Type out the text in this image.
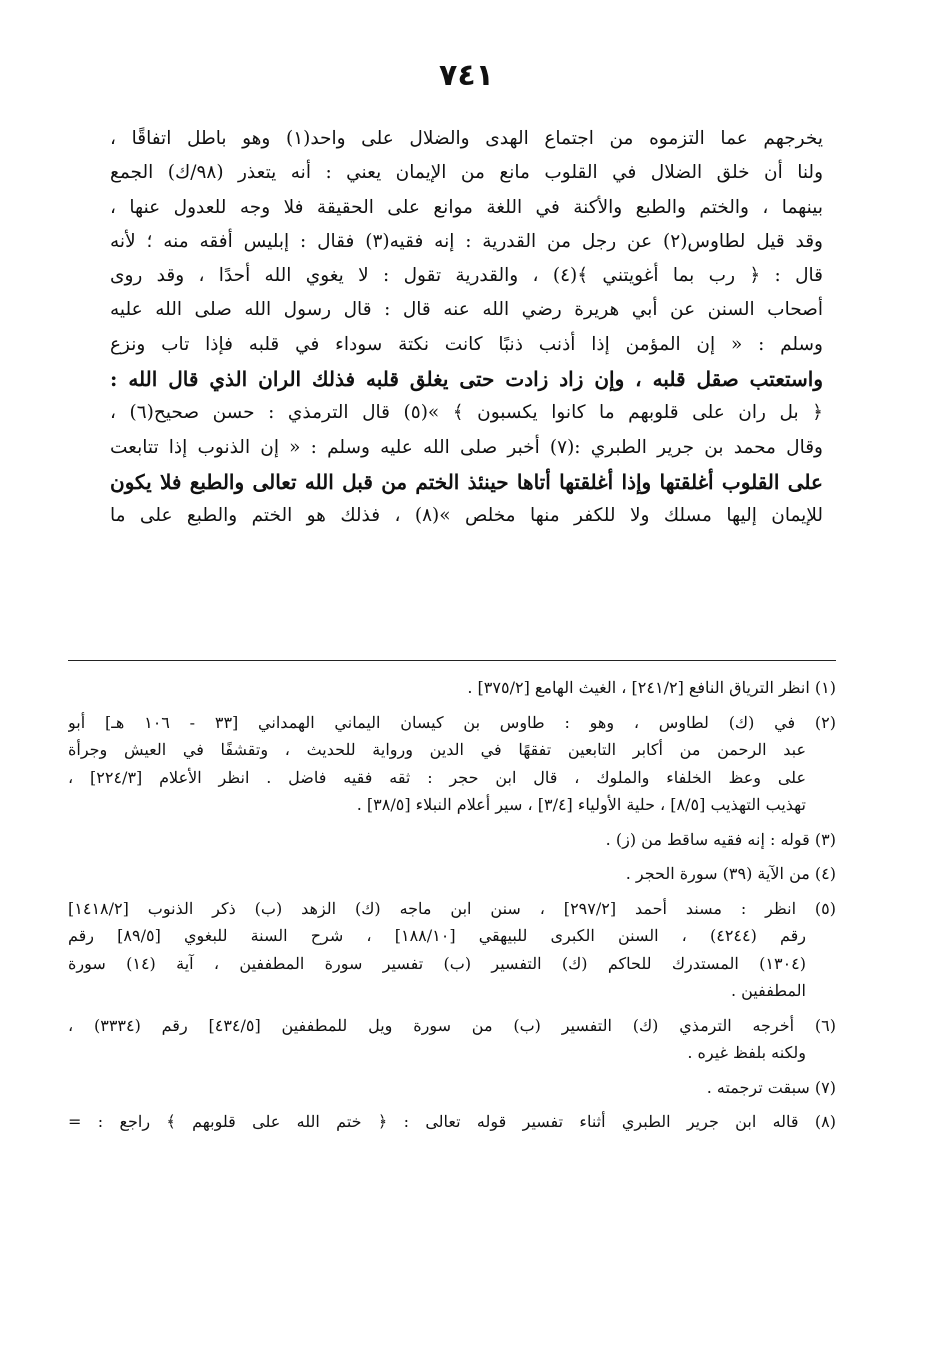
٧٤١
يخرجهم عما التزموه من اجتماع الهدى والضلال على واحد(١) وهو باطل اتفاقًا ،
ولنا أن خلق الضلال في القلوب مانع من الإيمان يعني : أنه يتعذر (٩٨/ك) الجمع
بينهما ، والختم والطبع والأكنة في اللغة موانع على الحقيقة فلا وجه للعدول عنها ،
وقد قيل لطاوس(٢) عن رجل من القدرية : إنه فقيه(٣) فقال : إبليس أفقه منه ؛ لأنه
قال : ﴿ رب بما أغويتني ﴾(٤) ، والقدرية تقول : لا يغوي الله أحدًا ، وقد روى
أصحاب السنن عن أبي هريرة رضي الله عنه قال : قال رسول الله صلى الله عليه
وسلم : « إن المؤمن إذا أذنب ذنبًا كانت نكتة سوداء في قلبه فإذا تاب ونزع
واستعتب صقل قلبه ، وإن زاد زادت حتى يغلق قلبه فذلك الران الذي قال الله :
﴿ بل ران على قلوبهم ما كانوا يكسبون ﴾ »(٥) قال الترمذي : حسن صحيح(٦) ،
وقال محمد بن جرير الطبري :(٧) أخبر صلى الله عليه وسلم : « إن الذنوب إذا تتابعت
على القلوب أغلقتها وإذا أغلقتها أتاها حينئذ الختم من قبل الله تعالى والطبع فلا يكون
للإيمان إليها مسلك ولا للكفر منها مخلص »(٨) ، فذلك هو الختم والطبع على ما
(١) انظر الترياق النافع [٢٤١/٢] ، الغيث الهامع [٣٧٥/٢] .
(٢) في (ك) لطاوس ، وهو : طاوس بن كيسان اليماني الهمداني [٣٣ - ١٠٦ هـ] أبو
عبد الرحمن من أكابر التابعين تفقهًا في الدين ورواية للحديث ، وتقشفًا في العيش وجرأة
على وعظ الخلفاء والملوك ، قال ابن حجر : ثقه فقيه فاضل . انظر الأعلام [٢٢٤/٣] ،
تهذيب التهذيب [٨/٥] ، حلية الأولياء [٣/٤] ، سير أعلام النبلاء [٣٨/٥] .
(٣) قوله : إنه فقيه ساقط من (ز) .
(٤) من الآية (٣٩) سورة الحجر .
(٥) انظر : مسند أحمد [٢٩٧/٢] ، سنن ابن ماجه (ك) الزهد (ب) ذكر الذنوب [١٤١٨/٢]
رقم (٤٢٤٤) ، السنن الكبرى للبيهقي [١٨٨/١٠] ، شرح السنة للبغوي [٨٩/٥] رقم
(١٣٠٤) المستدرك للحاكم (ك) التفسير (ب) تفسير سورة المطففين ، آية (١٤) سورة
المطففين .
(٦) أخرجه الترمذي (ك) التفسير (ب) من سورة ويل للمطففين [٤٣٤/٥] رقم (٣٣٣٤) ،
ولكنه بلفظ غيره .
(٧) سبقت ترجمته .
(٨) قاله ابن جرير الطبري أثناء تفسير قوله تعالى : ﴿ ختم الله على قلوبهم ﴾ راجع : =
